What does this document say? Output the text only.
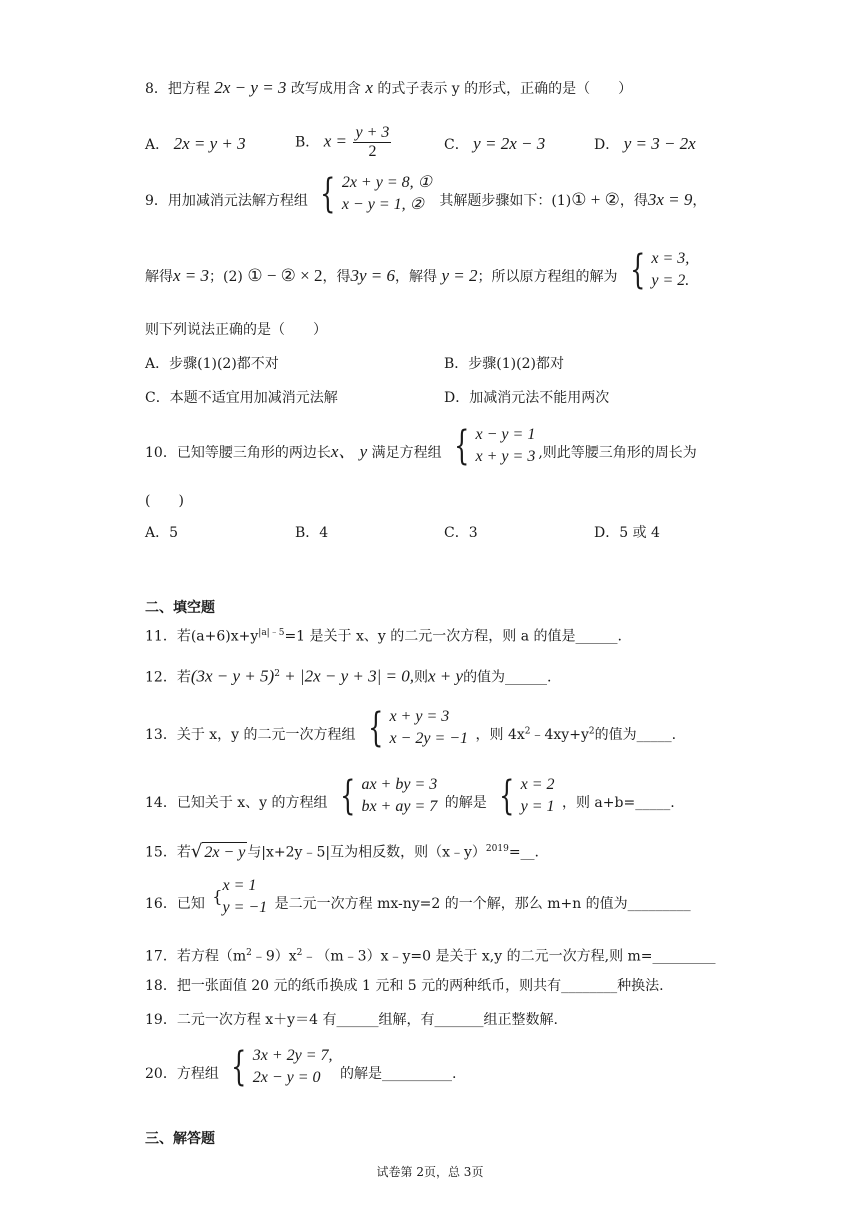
8．把方程 2x − y = 3 改写成用含 x 的式子表示 y 的形式，正确的是（　　）
A． 2x = y + 3	B． $x = \frac{y + 3}{2}$	C． y = 2x − 3	D． y = 3 − 2x
9．用加减消元法解方程组 { 2x + y = 8, ①
x − y = 1, ②	其解题步骤如下：(1)① + ②，得3x = 9，
解得x = 3；(2) ① − ② × 2，得3y = 6，解得 y = 2；所以原方程组的解为 { x = 3,
y = 2.
则下列说法正确的是（　　）
A．步骤(1)(2)都不对	B．步骤(1)(2)都对
C．本题不适宜用加减消元法解	D．加减消元法不能用两次
10．已知等腰三角形的两边长x、 y 满足方程组 { x − y = 1
x + y = 3 ,则此等腰三角形的周长为
(　　)
A．5	B．4	C．3	D．5 或 4
二、填空题
11．若$(a+6)x+y^{|a|﹣5}=1$ 是关于 x、y 的二元一次方程，则 a 的值是______.
12．若$(3x - y + 5)^2 + |2x - y + 3| = 0$,则x + y的值为______.
13．关于 x，y 的二元一次方程组 { x + y = 3
x − 2y = −1 ，则 $4x^2﹣4xy+y^2$的值为_____.
14．已知关于 x、y 的方程组 { ax + by = 3
bx + ay = 7 的解是 { x = 2
y = 1 ，则 a+b=_____.
15．若√ 2x − y 与|x+2y﹣5|互为相反数，则（x﹣y）$^{2019}$=__.
16．已知 {
x = 1
y = −1 是二元一次方程 mx-ny=2 的一个解，那么 m+n 的值为_________
17．若方程$(m^2﹣9)x^2﹣(m﹣3)x﹣y=0$ 是关于 x,y 的二元一次方程,则 m=_________
18．把一张面值 20 元的纸币换成 1 元和 5 元的两种纸币，则共有________种换法.
19．二元一次方程 x＋y＝4 有______组解，有_______组正整数解.
20．方程组 { 3x + 2y = 7,
2x − y = 0	的解是__________.
三、解答题
试卷第 2页，总 3页
